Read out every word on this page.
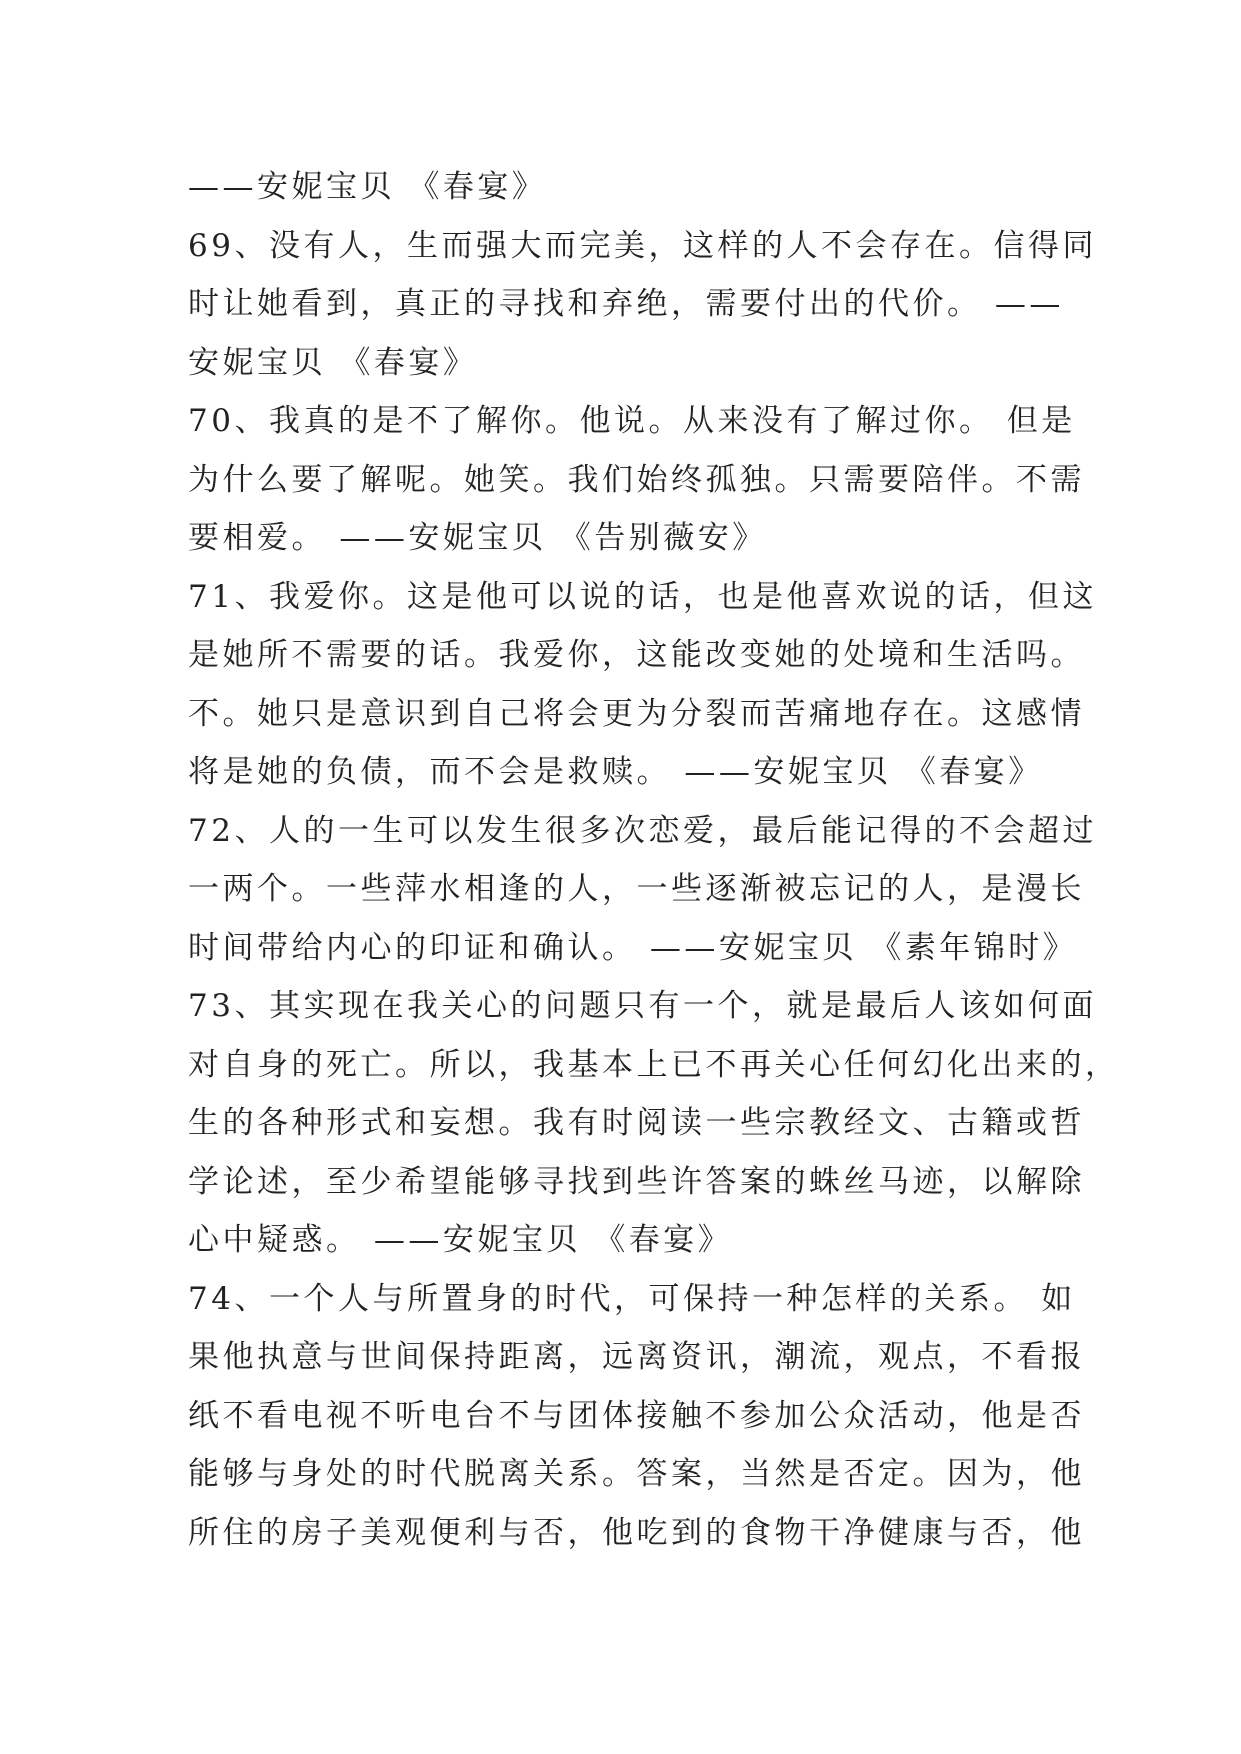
——安妮宝贝 《春宴》
69、没有人，生而强大而完美，这样的人不会存在。信得同
时让她看到，真正的寻找和弃绝，需要付出的代价。 ——
安妮宝贝 《春宴》
70、我真的是不了解你。他说。从来没有了解过你。 但是
为什么要了解呢。她笑。我们始终孤独。只需要陪伴。不需
要相爱。 ——安妮宝贝 《告别薇安》
71、我爱你。这是他可以说的话，也是他喜欢说的话，但这
是她所不需要的话。我爱你，这能改变她的处境和生活吗。
不。她只是意识到自己将会更为分裂而苦痛地存在。这感情
将是她的负债，而不会是救赎。 ——安妮宝贝 《春宴》
72、人的一生可以发生很多次恋爱，最后能记得的不会超过
一两个。一些萍水相逢的人，一些逐渐被忘记的人，是漫长
时间带给内心的印证和确认。 ——安妮宝贝 《素年锦时》
73、其实现在我关心的问题只有一个，就是最后人该如何面
对自身的死亡。所以，我基本上已不再关心任何幻化出来的，
生的各种形式和妄想。我有时阅读一些宗教经文、古籍或哲
学论述，至少希望能够寻找到些许答案的蛛丝马迹，以解除
心中疑惑。 ——安妮宝贝 《春宴》
74、一个人与所置身的时代，可保持一种怎样的关系。 如
果他执意与世间保持距离，远离资讯，潮流，观点，不看报
纸不看电视不听电台不与团体接触不参加公众活动，他是否
能够与身处的时代脱离关系。答案，当然是否定。因为，他
所住的房子美观便利与否，他吃到的食物干净健康与否，他
